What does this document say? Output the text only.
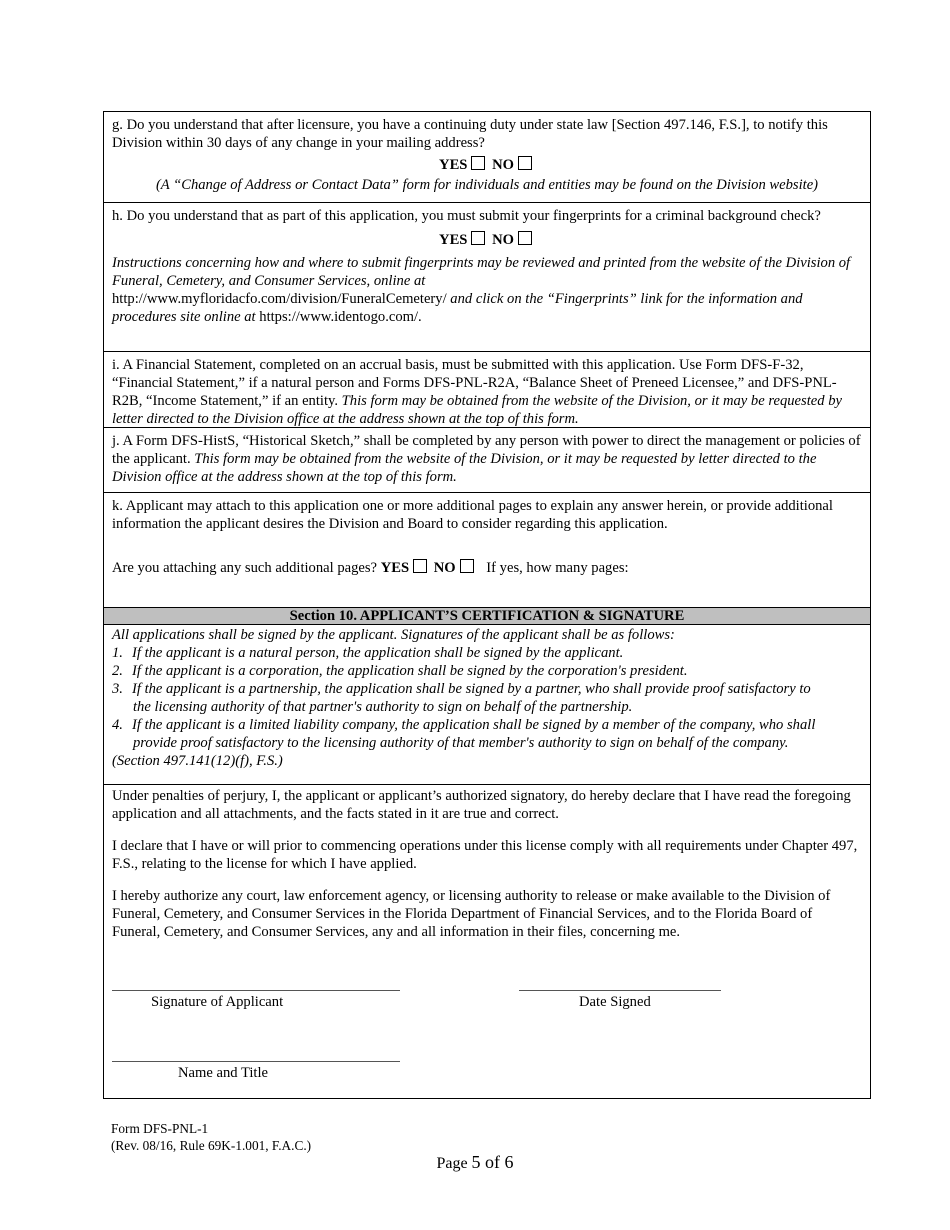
g. Do you understand that after licensure, you have a continuing duty under state law [Section 497.146, F.S.], to notify this Division within 30 days of any change in your mailing address?

YES NO

(A “Change of Address or Contact Data” form for individuals and entities may be found on the Division website)

h. Do you understand that as part of this application, you must submit your fingerprints for a criminal background check?

YES NO

Instructions concerning how and where to submit fingerprints may be reviewed and printed from the website of the Division of Funeral, Cemetery, and Consumer Services, online at
http://www.myfloridacfo.com/division/FuneralCemetery/ and click on the “Fingerprints” link for the information and procedures site online at https://www.identogo.com/.

i. A Financial Statement, completed on an accrual basis, must be submitted with this application. Use Form DFS-F-32, “Financial Statement,” if a natural person and Forms DFS-PNL-R2A, “Balance Sheet of Preneed Licensee,” and DFS-PNL-R2B, “Income Statement,” if an entity. This form may be obtained from the website of the Division, or it may be requested by letter directed to the Division office at the address shown at the top of this form.

j. A Form DFS-HistS, “Historical Sketch,” shall be completed by any person with power to direct the management or policies of the applicant. This form may be obtained from the website of the Division, or it may be requested by letter directed to the Division office at the address shown at the top of this form.

k. Applicant may attach to this application one or more additional pages to explain any answer herein, or provide additional information the applicant desires the Division and Board to consider regarding this application.

Are you attaching any such additional pages? YES NO If yes, how many pages:

Section 10. APPLICANT’S CERTIFICATION & SIGNATURE

All applications shall be signed by the applicant. Signatures of the applicant shall be as follows:

1. If the applicant is a natural person, the application shall be signed by the applicant.

2. If the applicant is a corporation, the application shall be signed by the corporation's president.

3. If the applicant is a partnership, the application shall be signed by a partner, who shall provide proof satisfactory to

the licensing authority of that partner's authority to sign on behalf of the partnership.

4. If the applicant is a limited liability company, the application shall be signed by a member of the company, who shall

provide proof satisfactory to the licensing authority of that member's authority to sign on behalf of the company.

(Section 497.141(12)(f), F.S.)

Under penalties of perjury, I, the applicant or applicant’s authorized signatory, do hereby declare that I have read the foregoing application and all attachments, and the facts stated in it are true and correct.

I declare that I have or will prior to commencing operations under this license comply with all requirements under Chapter 497, F.S., relating to the license for which I have applied.

I hereby authorize any court, law enforcement agency, or licensing authority to release or make available to the Division of Funeral, Cemetery, and Consumer Services in the Florida Department of Financial Services, and to the Florida Board of Funeral, Cemetery, and Consumer Services, any and all information in their files, concerning me.

Signature of Applicant	Date Signed
Name and Title
Form DFS-PNL-1
(Rev. 08/16, Rule 69K-1.001, F.A.C.)
Page 5 of 6
